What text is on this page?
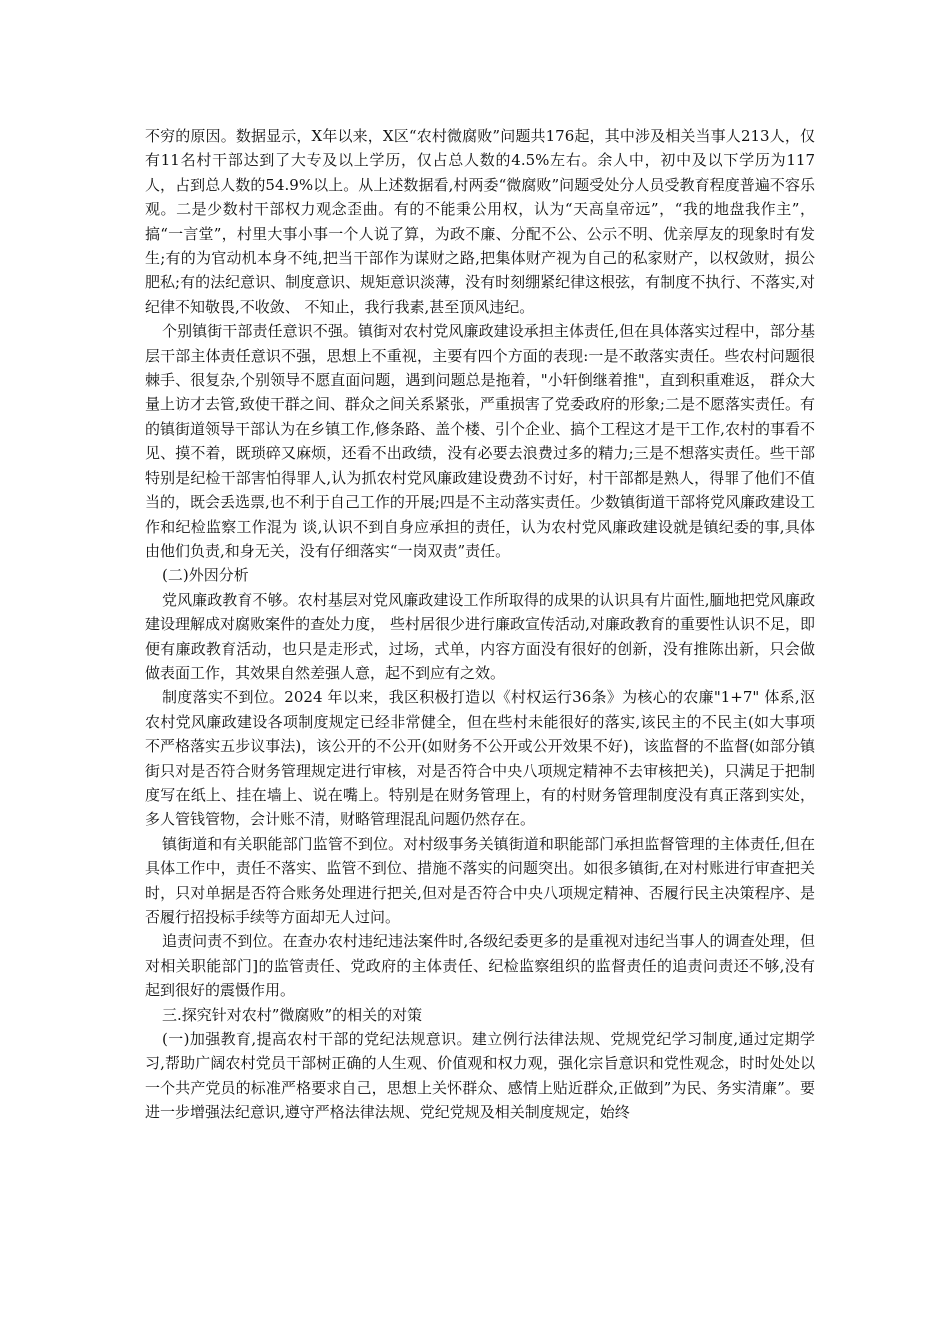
不穷的原因。数据显示，X年以来，X区“农村微腐败”问题共176起，其中涉及相关当事人213人，仅有11名村干部达到了大专及以上学历，仅占总人数的4.5%左右。余人中，初中及以下学历为117人，占到总人数的54.9%以上。从上述数据看,村两委“微腐败”问题受处分人员受教育程度普遍不容乐观。二是少数村干部权力观念歪曲。有的不能秉公用权，认为“天高皇帝远”，“我的地盘我作主”，搞“一言堂”，村里大事小事一个人说了算，为政不廉、分配不公、公示不明、优亲厚友的现象时有发生;有的为官动机本身不纯,把当干部作为谋财之路,把集体财产视为自己的私家财产，以权敛财，损公肥私;有的法纪意识、制度意识、规矩意识淡薄，没有时刻绷紧纪律这根弦，有制度不执行、不落实,对纪律不知敬畏,不收敛、 不知止，我行我素,甚至顶风违纪。

个别镇街干部责任意识不强。镇街对农村党风廉政建设承担主体责任,但在具体落实过程中，部分基层干部主体责任意识不强，思想上不重视，主要有四个方面的表现:一是不敢落实责任。些农村问题很棘手、很复杂,个别领导不愿直面问题，遇到问题总是拖着，"小轩倒继着推"，直到积重难返， 群众大量上访才去管,致使干群之间、群众之间关系紧张，严重损害了党委政府的形象;二是不愿落实责任。有的镇街道领导干部认为在乡镇工作,修条路、盖个楼、引个企业、搞个工程这才是干工作,农村的事看不见、摸不着，既琐碎又麻烦，还看不出政绩，没有必要去浪费过多的精力;三是不想落实责任。些干部特别是纪检干部害怕得罪人,认为抓农村党风廉政建设费劲不讨好，村干部都是熟人，得罪了他们不值当的，既会丢选票,也不利于自己工作的开展;四是不主动落实责任。少数镇街道干部将党风廉政建设工作和纪检监察工作混为 谈,认识不到自身应承担的责任，认为农村党风廉政建设就是镇纪委的事,具体由他们负责,和身无关，没有仔细落实“一岗双责”责任。

(二)外因分析

党风廉政教育不够。农村基层对党风廉政建设工作所取得的成果的认识具有片面性,腼地把党风廉政建设理解成对腐败案件的查处力度， 些村居很少进行廉政宣传活动,对廉政教育的重要性认识不足，即便有廉政教育活动，也只是走形式，过场，式单，内容方面没有很好的创新，没有推陈出新，只会做做表面工作，其效果自然差强人意，起不到应有之效。

制度落实不到位。2024 年以来，我区积极打造以《村权运行36条》为核心的农廉"1+7" 体系,沤农村党风廉政建设各项制度规定已经非常健全，但在些村未能很好的落实,该民主的不民主(如大事项不严格落实五步议事法)，该公开的不公开(如财务不公开或公开效果不好)，该监督的不监督(如部分镇街只对是否符合财务管理规定进行审核，对是否符合中央八项规定精神不去审核把关)，只满足于把制度写在纸上、挂在墙上、说在嘴上。特别是在财务管理上，有的村财务管理制度没有真正落到实处，多人管钱管物，会计账不清，财略管理混乱问题仍然存在。

镇街道和有关职能部门监管不到位。对村级事务关镇街道和职能部门承担监督管理的主体责任,但在具体工作中，责任不落实、监管不到位、措施不落实的问题突出。如很多镇街,在对村账进行审查把关时，只对单据是否符合账务处理进行把关,但对是否符合中央八项规定精神、否履行民主决策程序、是否履行招投标手续等方面却无人过问。

追责问责不到位。在查办农村违纪违法案件时,各级纪委更多的是重视对违纪当事人的调查处理，但对相关职能部门]的监管责任、党政府的主体责任、纪检监察组织的监督责任的追责问责还不够,没有起到很好的震慑作用。

三.探究针对农村”微腐败”的相关的对策

(一)加强教育,提高农村干部的党纪法规意识。建立例行法律法规、党规党纪学习制度,通过定期学习,帮助广阔农村党员干部树正确的人生观、价值观和权力观，强化宗旨意识和党性观念，时时处处以一个共产党员的标准严格要求自己，思想上关怀群众、感情上贴近群众,正做到”为民、务实清廉”。要进一步增强法纪意识,遵守严格法律法规、党纪党规及相关制度规定，始终
